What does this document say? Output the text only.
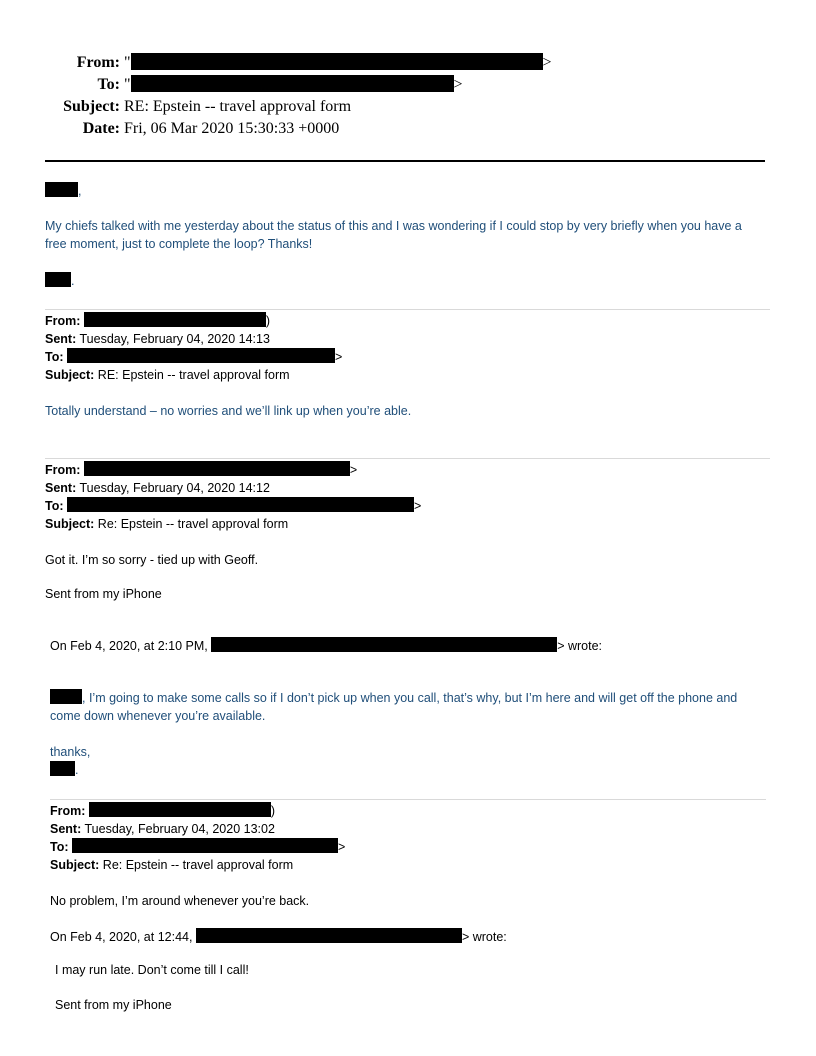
From: "	>
To: "	>
Subject: RE: Epstein -- travel approval form
Date: Fri, 06 Mar 2020 15:30:33 +0000
,
My chiefs talked with me yesterday about the status of this and I was wondering if I could stop by very briefly when you have a free moment, just to complete the loop? Thanks!
.
From:	)
Sent: Tuesday, February 04, 2020 14:13
To:	>
Subject: RE: Epstein -- travel approval form
Totally understand – no worries and we’ll link up when you’re able.
From:	>
Sent: Tuesday, February 04, 2020 14:12
To:	>
Subject: Re: Epstein -- travel approval form
Got it. I’m so sorry - tied up with Geoff.
Sent from my iPhone
On Feb 4, 2020, at 2:10 PM,	> wrote:
, I’m going to make some calls so if I don’t pick up when you call, that’s why, but I’m here and will get off the phone and come down whenever you’re available.
thanks,
.
From:	)
Sent: Tuesday, February 04, 2020 13:02
To:	>
Subject: Re: Epstein -- travel approval form
No problem, I’m around whenever you’re back.
On Feb 4, 2020, at 12:44,	> wrote:
I may run late. Don’t come till I call!
Sent from my iPhone
